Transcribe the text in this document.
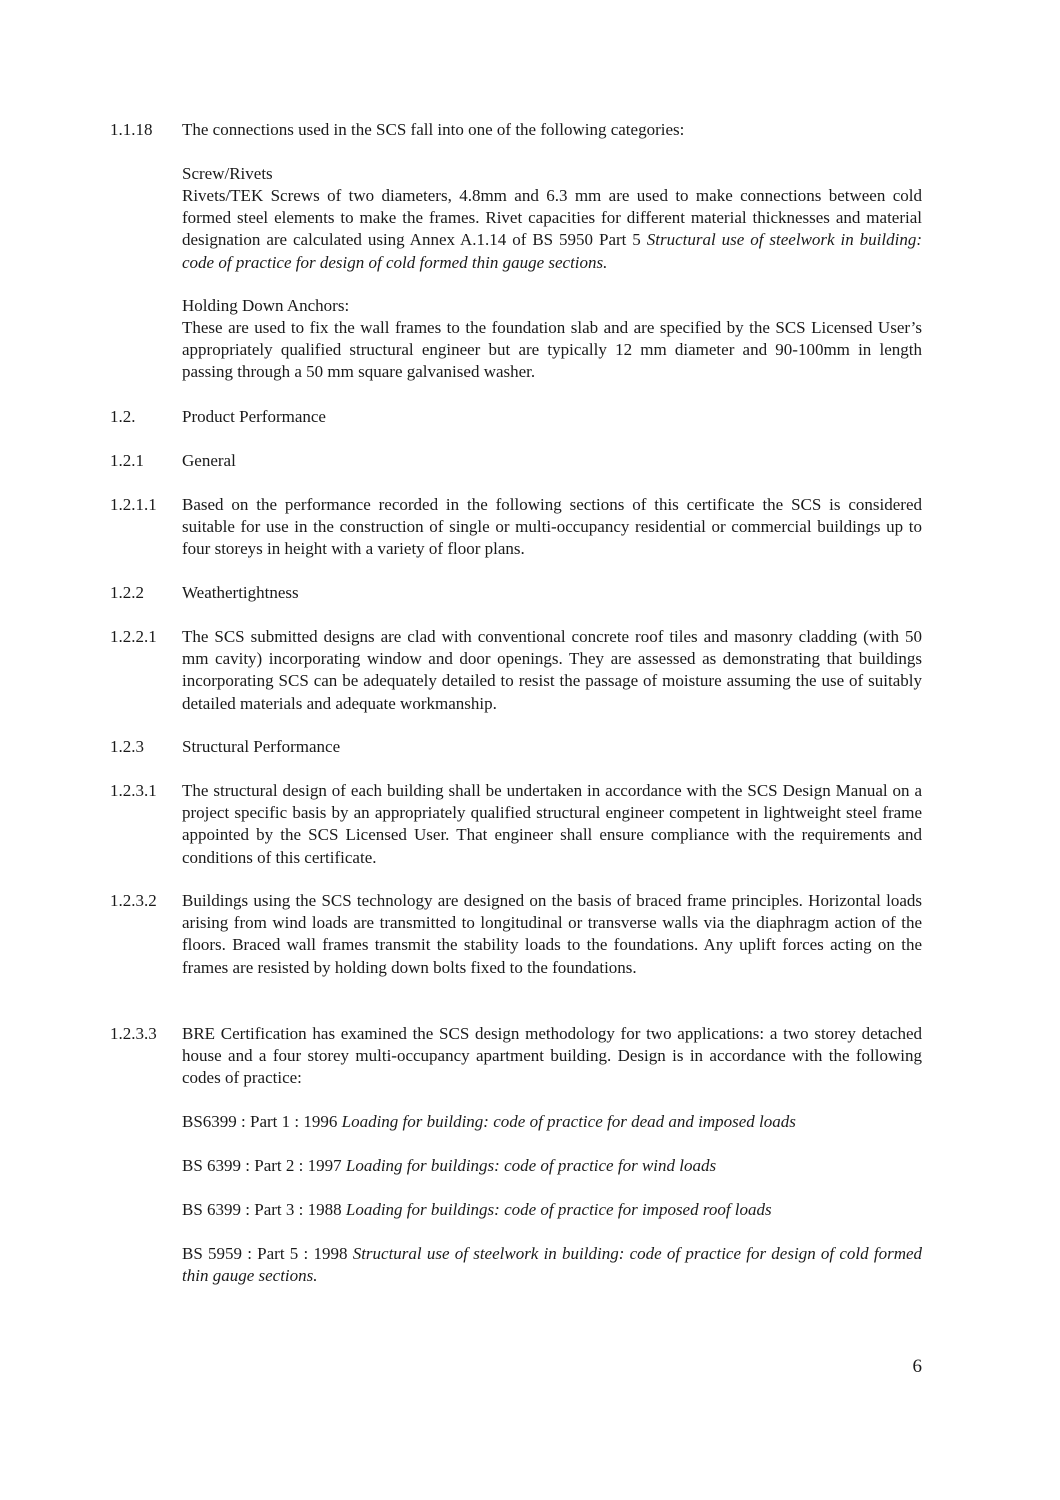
1.1.18 The connections used in the SCS fall into one of the following categories:
Screw/Rivets
Rivets/TEK Screws of two diameters, 4.8mm and 6.3 mm are used to make connections between cold formed steel elements to make the frames. Rivet capacities for different material thicknesses and material designation are calculated using Annex A.1.14 of BS 5950 Part 5 Structural use of steelwork in building: code of practice for design of cold formed thin gauge sections.
Holding Down Anchors:
These are used to fix the wall frames to the foundation slab and are specified by the SCS Licensed User’s appropriately qualified structural engineer but are typically 12 mm diameter and 90-100mm in length passing through a 50 mm square galvanised washer.
1.2.	Product Performance
1.2.1 General
1.2.1.1 Based on the performance recorded in the following sections of this certificate the SCS is considered suitable for use in the construction of single or multi-occupancy residential or commercial buildings up to four storeys in height with a variety of floor plans.
1.2.2 Weathertightness
1.2.2.1 The SCS submitted designs are clad with conventional concrete roof tiles and masonry cladding (with 50 mm cavity) incorporating window and door openings. They are assessed as demonstrating that buildings incorporating SCS can be adequately detailed to resist the passage of moisture assuming the use of suitably detailed materials and adequate workmanship.
1.2.3 Structural Performance
1.2.3.1 The structural design of each building shall be undertaken in accordance with the SCS Design Manual on a project specific basis by an appropriately qualified structural engineer competent in lightweight steel frame appointed by the SCS Licensed User. That engineer shall ensure compliance with the requirements and conditions of this certificate.
1.2.3.2 Buildings using the SCS technology are designed on the basis of braced frame principles. Horizontal loads arising from wind loads are transmitted to longitudinal or transverse walls via the diaphragm action of the floors. Braced wall frames transmit the stability loads to the foundations. Any uplift forces acting on the frames are resisted by holding down bolts fixed to the foundations.
1.2.3.3 BRE Certification has examined the SCS design methodology for two applications: a two storey detached house and a four storey multi-occupancy apartment building. Design is in accordance with the following codes of practice:
BS6399 : Part 1 : 1996 Loading for building: code of practice for dead and imposed loads
BS 6399 : Part 2 : 1997 Loading for buildings: code of practice for wind loads
BS 6399 : Part 3 : 1988 Loading for buildings: code of practice for imposed roof loads
BS 5959 : Part 5 : 1998 Structural use of steelwork in building: code of practice for design of cold formed thin gauge sections.
6
